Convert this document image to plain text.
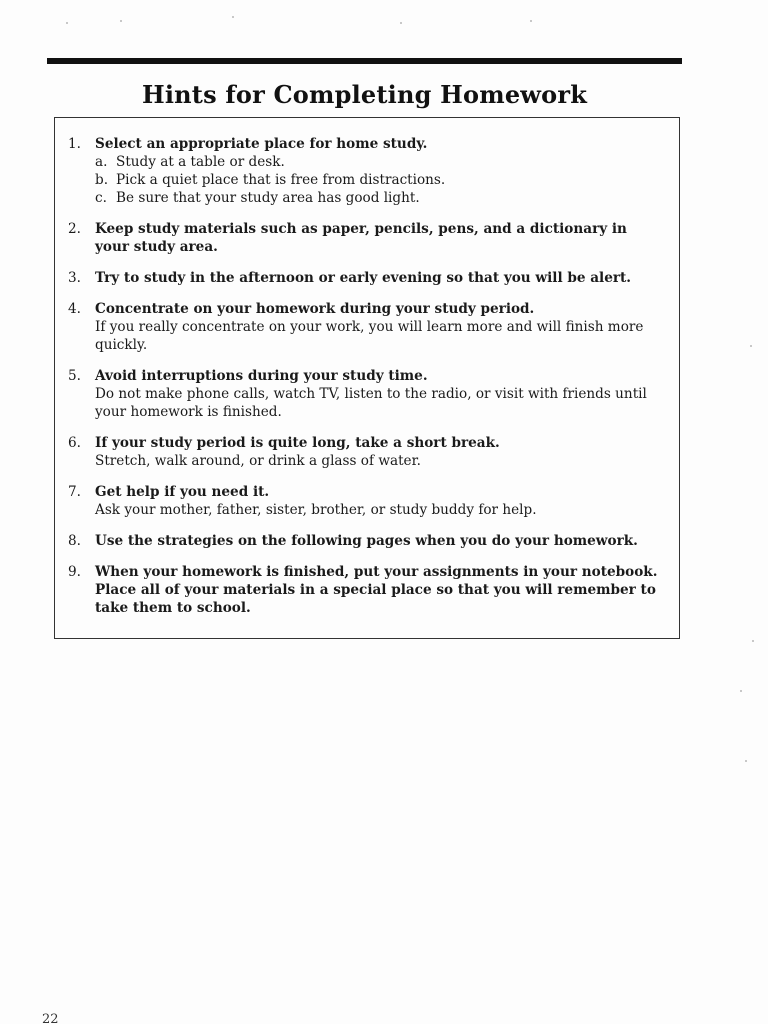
Hints for Completing Homework
1.	Select an appropriate place for home study.
a. Study at a table or desk.
b. Pick a quiet place that is free from distractions.
c. Be sure that your study area has good light.
2.	Keep study materials such as paper, pencils, pens, and a dictionary in your study area.
3.	Try to study in the afternoon or early evening so that you will be alert.
4.	Concentrate on your homework during your study period.
If you really concentrate on your work, you will learn more and will finish more quickly.
5.	Avoid interruptions during your study time.
Do not make phone calls, watch TV, listen to the radio, or visit with friends until your homework is finished.
6.	If your study period is quite long, take a short break.
Stretch, walk around, or drink a glass of water.
7.	Get help if you need it.
Ask your mother, father, sister, brother, or study buddy for help.
8.	Use the strategies on the following pages when you do your homework.
9.	When your homework is finished, put your assignments in your notebook. Place all of your materials in a special place so that you will remember to take them to school.
22
